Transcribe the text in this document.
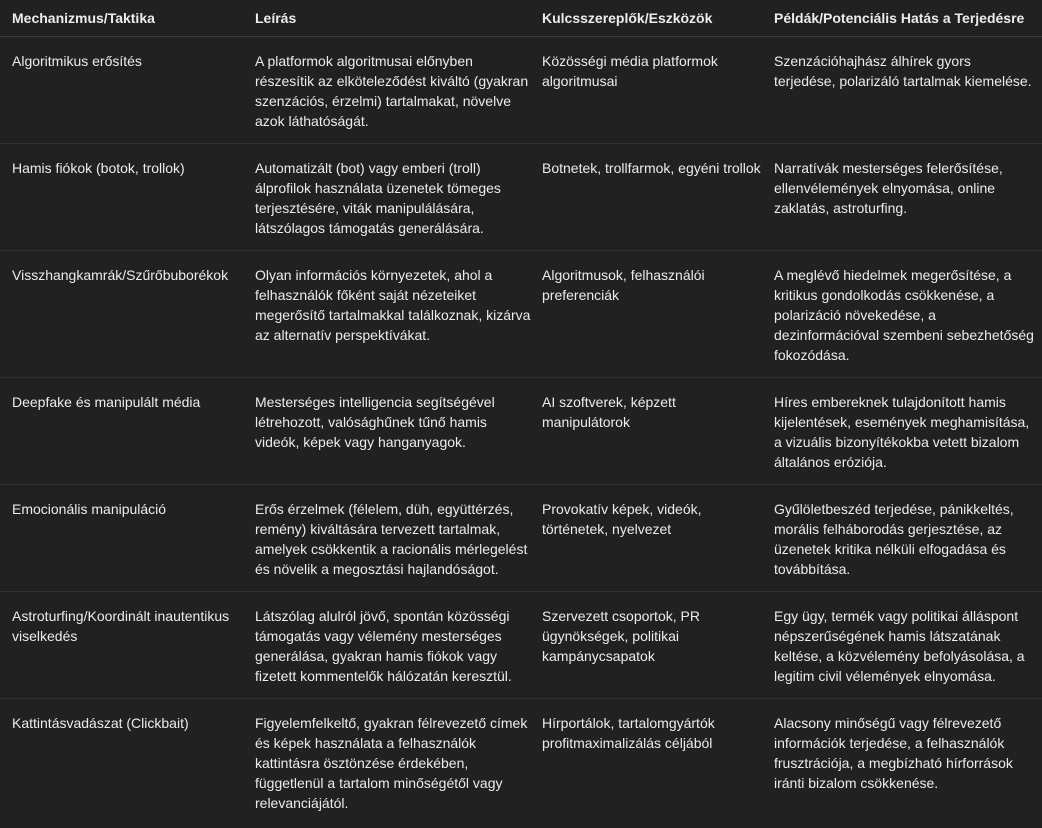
Mechanizmus/Taktika	Leírás	Kulcsszereplők/Eszközök	Példák/Potenciális Hatás a Terjedésre
Algoritmikus erősítés	A platformok algoritmusai előnyben részesítik az elköteleződést kiváltó (gyakran szenzációs, érzelmi) tartalmakat, növelve azok láthatóságát.	Közösségi média platformok algoritmusai	Szenzációhajhász álhírek gyors terjedése, polarizáló tartalmak kiemelése.
Hamis fiókok (botok, trollok)	Automatizált (bot) vagy emberi (troll) álprofilok használata üzenetek tömeges terjesztésére, viták manipulálására, látszólagos támogatás generálására.	Botnetek, trollfarmok, egyéni trollok	Narratívák mesterséges felerősítése, ellenvélemények elnyomása, online zaklatás, astroturfing.
Visszhangkamrák/Szűrőbuborékok	Olyan információs környezetek, ahol a felhasználók főként saját nézeteiket megerősítő tartalmakkal találkoznak, kizárva az alternatív perspektívákat.	Algoritmusok, felhasználói preferenciák	A meglévő hiedelmek megerősítése, a kritikus gondolkodás csökkenése, a polarizáció növekedése, a dezinformációval szembeni sebezhetőség fokozódása.
Deepfake és manipulált média	Mesterséges intelligencia segítségével létrehozott, valósághűnek tűnő hamis videók, képek vagy hanganyagok.	AI szoftverek, képzett manipulátorok	Híres embereknek tulajdonított hamis kijelentések, események meghamisítása, a vizuális bizonyítékokba vetett bizalom általános eróziója.
Emocionális manipuláció	Erős érzelmek (félelem, düh, együttérzés, remény) kiváltására tervezett tartalmak, amelyek csökkentik a racionális mérlegelést és növelik a megosztási hajlandóságot.	Provokatív képek, videók, történetek, nyelvezet	Gyűlöletbeszéd terjedése, pánikkeltés, morális felháborodás gerjesztése, az üzenetek kritika nélküli elfogadása és továbbítása.
Astroturfing/Koordinált inautentikus viselkedés	Látszólag alulról jövő, spontán közösségi támogatás vagy vélemény mesterséges generálása, gyakran hamis fiókok vagy fizetett kommentelők hálózatán keresztül.	Szervezett csoportok, PR ügynökségek, politikai kampánycsapatok	Egy ügy, termék vagy politikai álláspont népszerűségének hamis látszatának keltése, a közvélemény befolyásolása, a legitim civil vélemények elnyomása.
Kattintásvadászat (Clickbait)	Figyelemfelkeltő, gyakran félrevezető címek és képek használata a felhasználók kattintásra ösztönzése érdekében, függetlenül a tartalom minőségétől vagy relevanciájától.	Hírportálok, tartalomgyártók profitmaximalizálás céljából	Alacsony minőségű vagy félrevezető információk terjedése, a felhasználók frusztrációja, a megbízható hírforrások iránti bizalom csökkenése.
